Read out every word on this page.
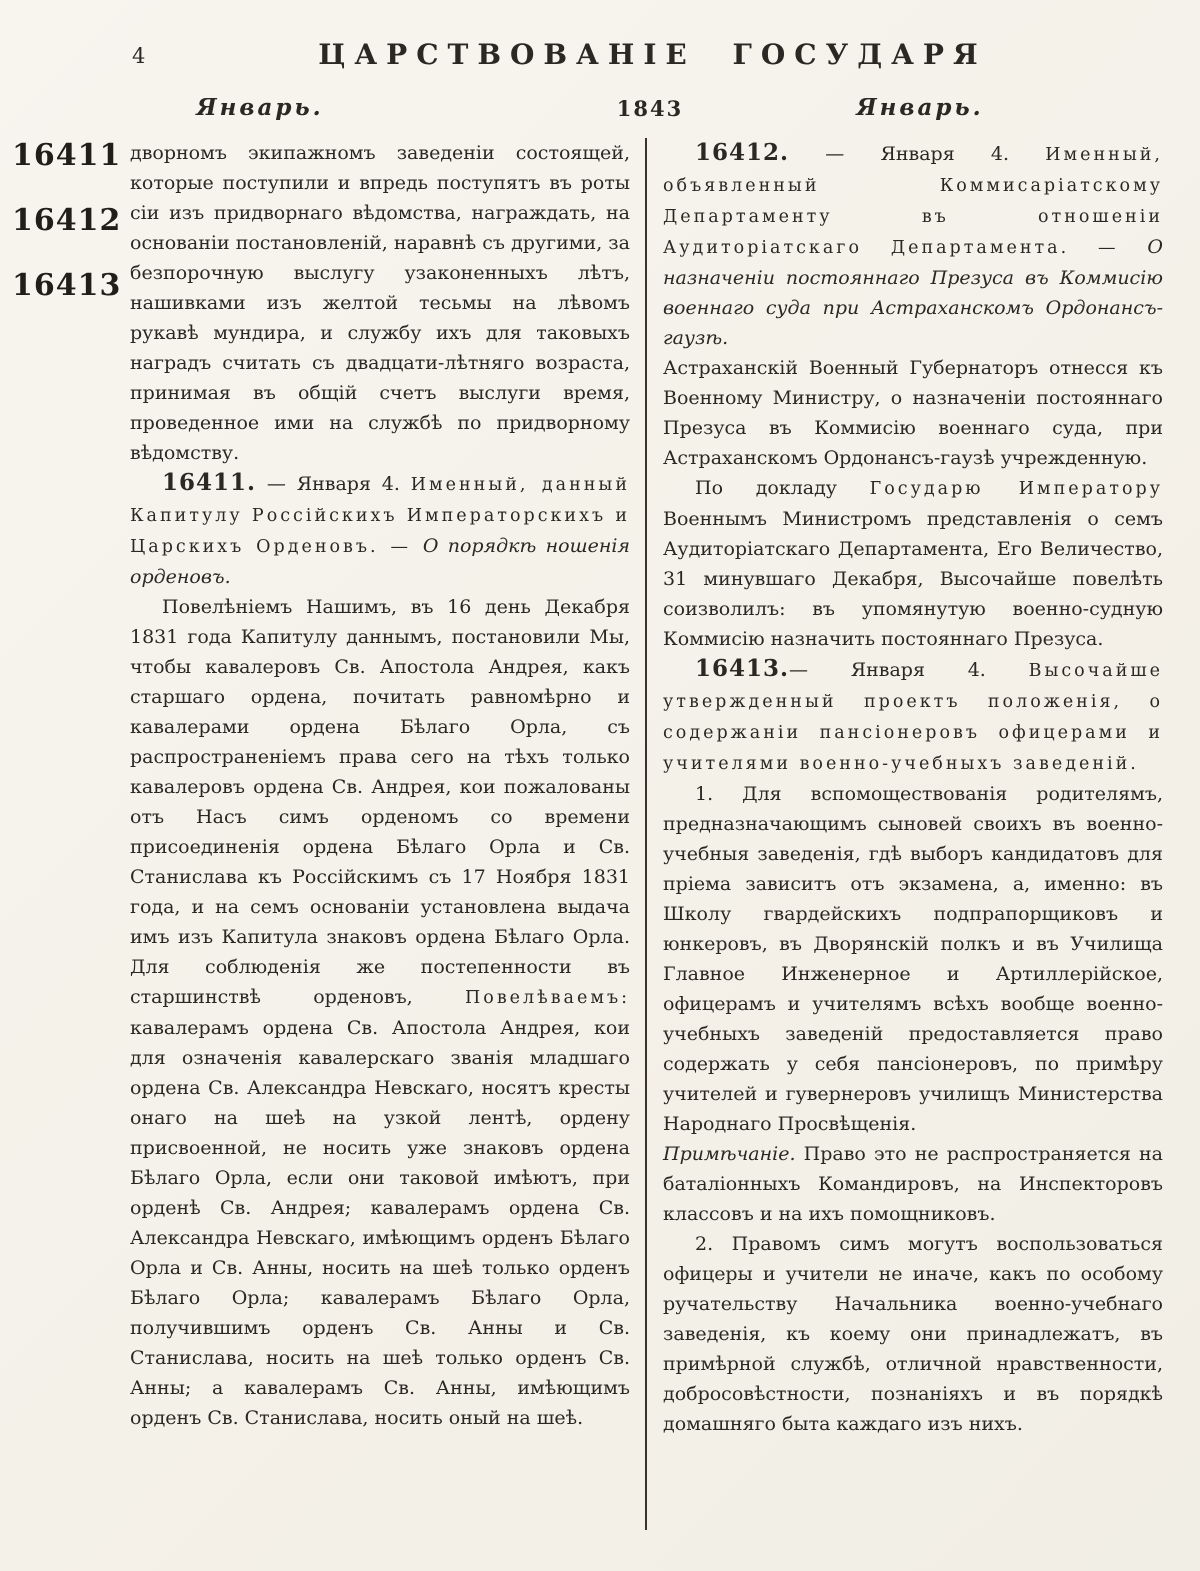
4	ЦАРСТВОВАНІЕ ГОСУДАРЯ
Январь.	1843	Январь.
16411
16412
16413

дворномъ экипажномъ заведеніи состоящей, которые поступили и впредь поступятъ въ роты сіи изъ придворнаго вѣдомства, награждать, на основаніи постановленій, наравнѣ съ другими, за безпорочную выслугу узаконенныхъ лѣтъ, нашивками изъ желтой тесьмы на лѣвомъ рукавѣ мундира, и службу ихъ для таковыхъ наградъ считать съ двадцати-лѣтняго возраста, принимая въ общій счетъ выслуги время, проведенное ими на службѣ по придворному вѣдомству.

16411. — Января 4. Именный, данный Капитулу Россійскихъ Императорскихъ и Царскихъ Орденовъ. — О порядкѣ ношенія орденовъ.

Повелѣніемъ Нашимъ, въ 16 день Декабря 1831 года Капитулу даннымъ, постановили Мы, чтобы кавалеровъ Св. Апостола Андрея, какъ старшаго ордена, почитать равномѣрно и кавалерами ордена Бѣлаго Орла, съ распространеніемъ права сего на тѣхъ только кавалеровъ ордена Св. Андрея, кои пожалованы отъ Насъ симъ орденомъ со времени присоединенія ордена Бѣлаго Орла и Св. Станислава къ Россійскимъ съ 17 Ноября 1831 года, и на семъ основаніи установлена выдача имъ изъ Капитула знаковъ ордена Бѣлаго Орла. Для соблюденія же постепенности въ старшинствѣ орденовъ, Повелѣваемъ: кавалерамъ ордена Св. Апостола Андрея, кои для означенія кавалерскаго званія младшаго ордена Св. Александра Невскаго, носятъ кресты онаго на шеѣ на узкой лентѣ, ордену присвоенной, не носить уже знаковъ ордена Бѣлаго Орла, если они таковой имѣютъ, при орденѣ Св. Андрея; кавалерамъ ордена Св. Александра Невскаго, имѣющимъ орденъ Бѣлаго Орла и Св. Анны, носить на шеѣ только орденъ Бѣлаго Орла; кавалерамъ Бѣлаго Орла, получившимъ орденъ Св. Анны и Св. Станислава, носить на шеѣ только орденъ Св. Анны; а кавалерамъ Св. Анны, имѣющимъ орденъ Св. Станислава, носить оный на шеѣ.

16412. — Января 4. Именный, объявленный Коммисаріатскому Департаменту въ отношеніи Аудиторіатскаго Департамента. — О назначеніи постояннаго Презуса въ Коммисію военнаго суда при Астраханскомъ Ордонансъ-гаузѣ.

Астраханскій Военный Губернаторъ отнесся къ Военному Министру, о назначеніи постояннаго Презуса въ Коммисію военнаго суда, при Астраханскомъ Ордонансъ-гаузѣ учрежденную.

По докладу Государю Императору Военнымъ Министромъ представленія о семъ Аудиторіатскаго Департамента, Его Величество, 31 минувшаго Декабря, Высочайше повелѣть соизволилъ: въ упомянутую военно-судную Коммисію назначить постояннаго Презуса.

16413.— Января 4. Высочайше утвержденный проектъ положенія, о содержаніи пансіонеровъ офицерами и учителями военно-учебныхъ заведеній.

1. Для вспомоществованія родителямъ, предназначающимъ сыновей своихъ въ военно-учебныя заведенія, гдѣ выборъ кандидатовъ для пріема зависитъ отъ экзамена, а, именно: въ Школу гвардейскихъ подпрапорщиковъ и юнкеровъ, въ Дворянскій полкъ и въ Училища Главное Инженерное и Артиллерійское, офицерамъ и учителямъ всѣхъ вообще военно-учебныхъ заведеній предоставляется право содержать у себя пансіонеровъ, по примѣру учителей и гувернеровъ училищъ Министерства Народнаго Просвѣщенія.

Примѣчаніе. Право это не распространяется на баталіонныхъ Командировъ, на Инспекторовъ классовъ и на ихъ помощниковъ.

2. Правомъ симъ могутъ воспользоваться офицеры и учители не иначе, какъ по особому ручательству Начальника военно-учебнаго заведенія, къ коему они принадлежатъ, въ примѣрной службѣ, отличной нравственности, добросовѣстности, познаніяхъ и въ порядкѣ домашняго быта каждаго изъ нихъ.
